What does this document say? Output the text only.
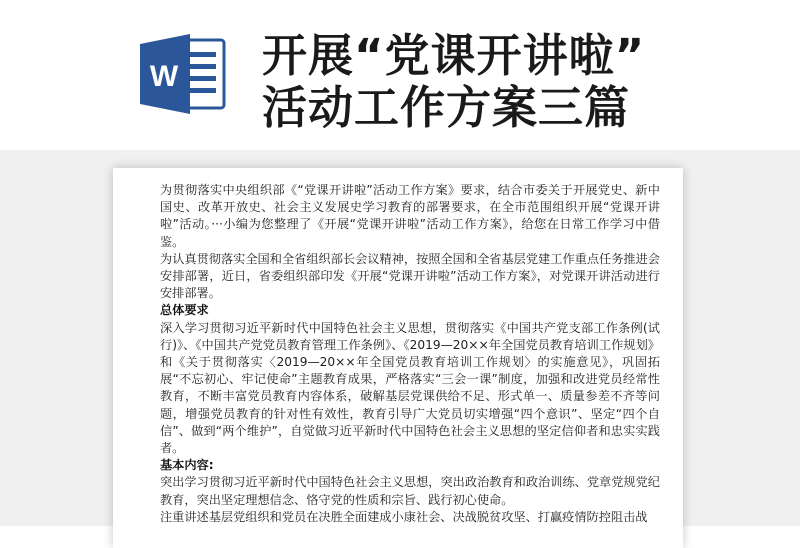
W 开展“党课开讲啦”
活动工作方案三篇

为贯彻落实中央组织部《“党课开讲啦”活动工作方案》要求，结合市委关于开展党史、新中国史、改革开放史、社会主义发展史学习教育的部署要求，在全市范围组织开展“党课开讲啦”活动。···小编为您整理了《开展“党课开讲啦”活动工作方案》，给您在日常工作学习中借鉴。

为认真贯彻落实全国和全省组织部长会议精神，按照全国和全省基层党建工作重点任务推进会安排部署，近日，省委组织部印发《开展“党课开讲啦”活动工作方案》，对党课开讲活动进行安排部署。

总体要求

深入学习贯彻习近平新时代中国特色社会主义思想，贯彻落实《中国共产党支部工作条例(试行)》、《中国共产党党员教育管理工作条例》、《2019—20××年全国党员教育培训工作规划》和《关于贯彻落实〈2019—20××年全国党员教育培训工作规划〉的实施意见》，巩固拓展“不忘初心、牢记使命”主题教育成果，严格落实“三会一课”制度，加强和改进党员经常性教育，不断丰富党员教育内容体系，破解基层党课供给不足、形式单一、质量参差不齐等问题，增强党员教育的针对性有效性，教育引导广大党员切实增强“四个意识”、坚定“四个自信”、做到“两个维护”，自觉做习近平新时代中国特色社会主义思想的坚定信仰者和忠实实践者。

基本内容:

突出学习贯彻习近平新时代中国特色社会主义思想，突出政治教育和政治训练、党章党规党纪教育，突出坚定理想信念、恪守党的性质和宗旨、践行初心使命。

注重讲述基层党组织和党员在决胜全面建成小康社会、决战脱贫攻坚、打赢疫情防控阻击战
